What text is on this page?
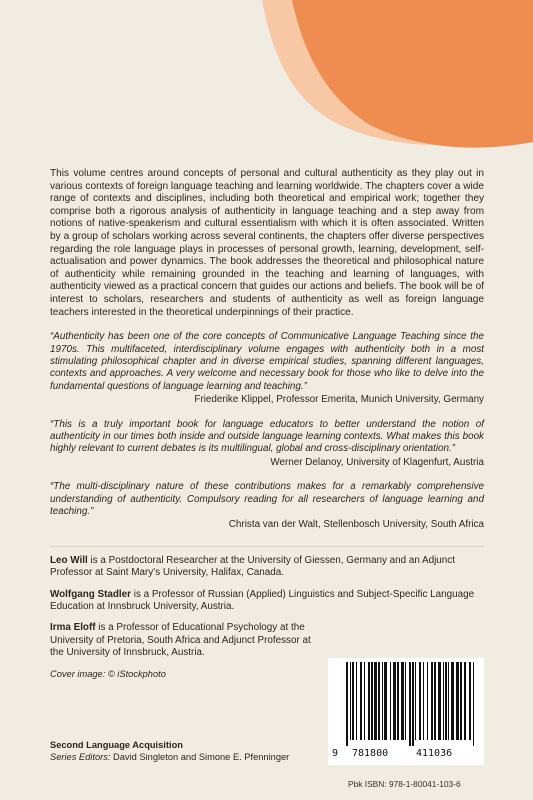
This volume centres around concepts of personal and cultural authenticity as they play out in various contexts of foreign language teaching and learning worldwide. The chapters cover a wide range of contexts and disciplines, including both theoretical and empirical work; together they comprise both a rigorous analysis of authenticity in language teaching and a step away from notions of native-speakerism and cultural essentialism with which it is often associated. Written by a group of scholars working across several continents, the chapters offer diverse perspectives regarding the role language plays in processes of personal growth, learning, development, self-actualisation and power dynamics. The book addresses the theoretical and philosophical nature of authenticity while remaining grounded in the teaching and learning of languages, with authenticity viewed as a practical concern that guides our actions and beliefs. The book will be of interest to scholars, researchers and students of authenticity as well as foreign language teachers interested in the theoretical underpinnings of their practice.

“Authenticity has been one of the core concepts of Communicative Language Teaching since the 1970s. This multifaceted, interdisciplinary volume engages with authenticity both in a most stimulating philosophical chapter and in diverse empirical studies, spanning different languages, contexts and approaches. A very welcome and necessary book for those who like to delve into the fundamental questions of language learning and teaching.”

Friederike Klippel, Professor Emerita, Munich University, Germany

“This is a truly important book for language educators to better understand the notion of authenticity in our times both inside and outside language learning contexts. What makes this book highly relevant to current debates is its multilingual, global and cross-disciplinary orientation.”

Werner Delanoy, University of Klagenfurt, Austria

“The multi-disciplinary nature of these contributions makes for a remarkably comprehensive understanding of authenticity. Compulsory reading for all researchers of language learning and teaching.”

Christa van der Walt, Stellenbosch University, South Africa

Leo Will is a Postdoctoral Researcher at the University of Giessen, Germany and an Adjunct Professor at Saint Mary’s University, Halifax, Canada.

Wolfgang Stadler is a Professor of Russian (Applied) Linguistics and Subject-Specific Language Education at Innsbruck University, Austria.

Irma Eloff is a Professor of Educational Psychology at the University of Pretoria, South Africa and Adjunct Professor at the University of Innsbruck, Austria.

Cover image: © iStockphoto

Second Language Acquisition
Series Editors: David Singleton and Simone E. Pfenninger	9 781800	411036
Pbk ISBN: 978-1-80041-103-6
